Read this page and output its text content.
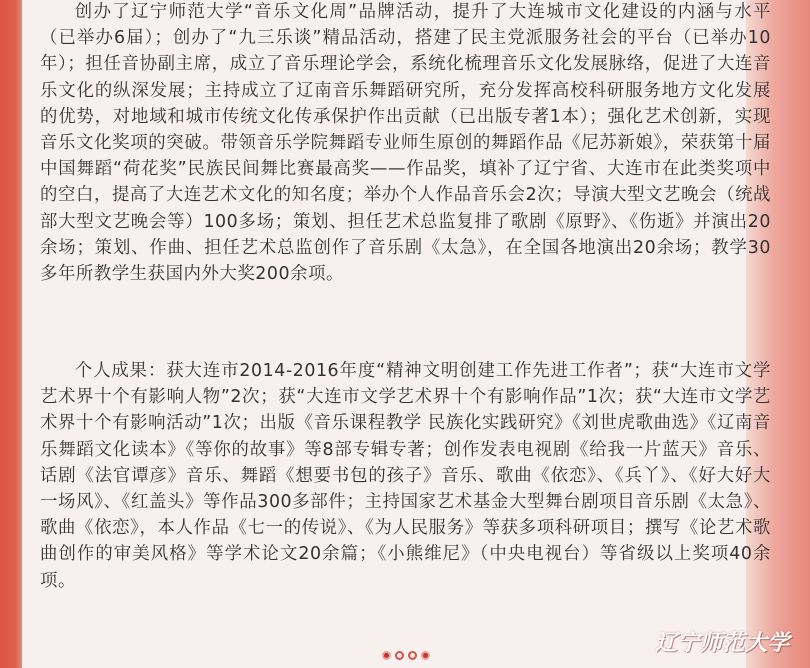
创办了辽宁师范大学“音乐文化周”品牌活动，提升了大连城市文化建设的内涵与水平（已举办6届）；创办了“九三乐谈”精品活动，搭建了民主党派服务社会的平台（已举办10年）；担任音协副主席，成立了音乐理论学会，系统化梳理音乐文化发展脉络，促进了大连音乐文化的纵深发展；主持成立了辽南音乐舞蹈研究所，充分发挥高校科研服务地方文化发展的优势，对地域和城市传统文化传承保护作出贡献（已出版专著1本）；强化艺术创新，实现音乐文化奖项的突破。带领音乐学院舞蹈专业师生原创的舞蹈作品《尼苏新娘》，荣获第十届中国舞蹈“荷花奖”民族民间舞比赛最高奖——作品奖，填补了辽宁省、大连市在此类奖项中的空白，提高了大连艺术文化的知名度；举办个人作品音乐会2次；导演大型文艺晚会（统战部大型文艺晚会等）100多场；策划、担任艺术总监复排了歌剧《原野》、《伤逝》并演出20余场；策划、作曲、担任艺术总监创作了音乐剧《太急》，在全国各地演出20余场；教学30多年所教学生获国内外大奖200余项。

个人成果：获大连市2014-2016年度“精神文明创建工作先进工作者”；获“大连市文学艺术界十个有影响人物”2次；获“大连市文学艺术界十个有影响作品”1次；获“大连市文学艺术界十个有影响活动”1次；出版《音乐课程教学 民族化实践研究》《刘世虎歌曲选》《辽南音乐舞蹈文化读本》《等你的故事》等8部专辑专著；创作发表电视剧《给我一片蓝天》音乐、话剧《法官谭彦》音乐、舞蹈《想要书包的孩子》音乐、歌曲《依恋》、《兵丫》、《好大好大一场风》、《红盖头》等作品300多部件；主持国家艺术基金大型舞台剧项目音乐剧《太急》、歌曲《依恋》，本人作品《七一的传说》、《为人民服务》等获多项科研项目；撰写《论艺术歌曲创作的审美风格》等学术论文20余篇；《小熊维尼》（中央电视台）等省级以上奖项40余项。

辽宁师范大学
